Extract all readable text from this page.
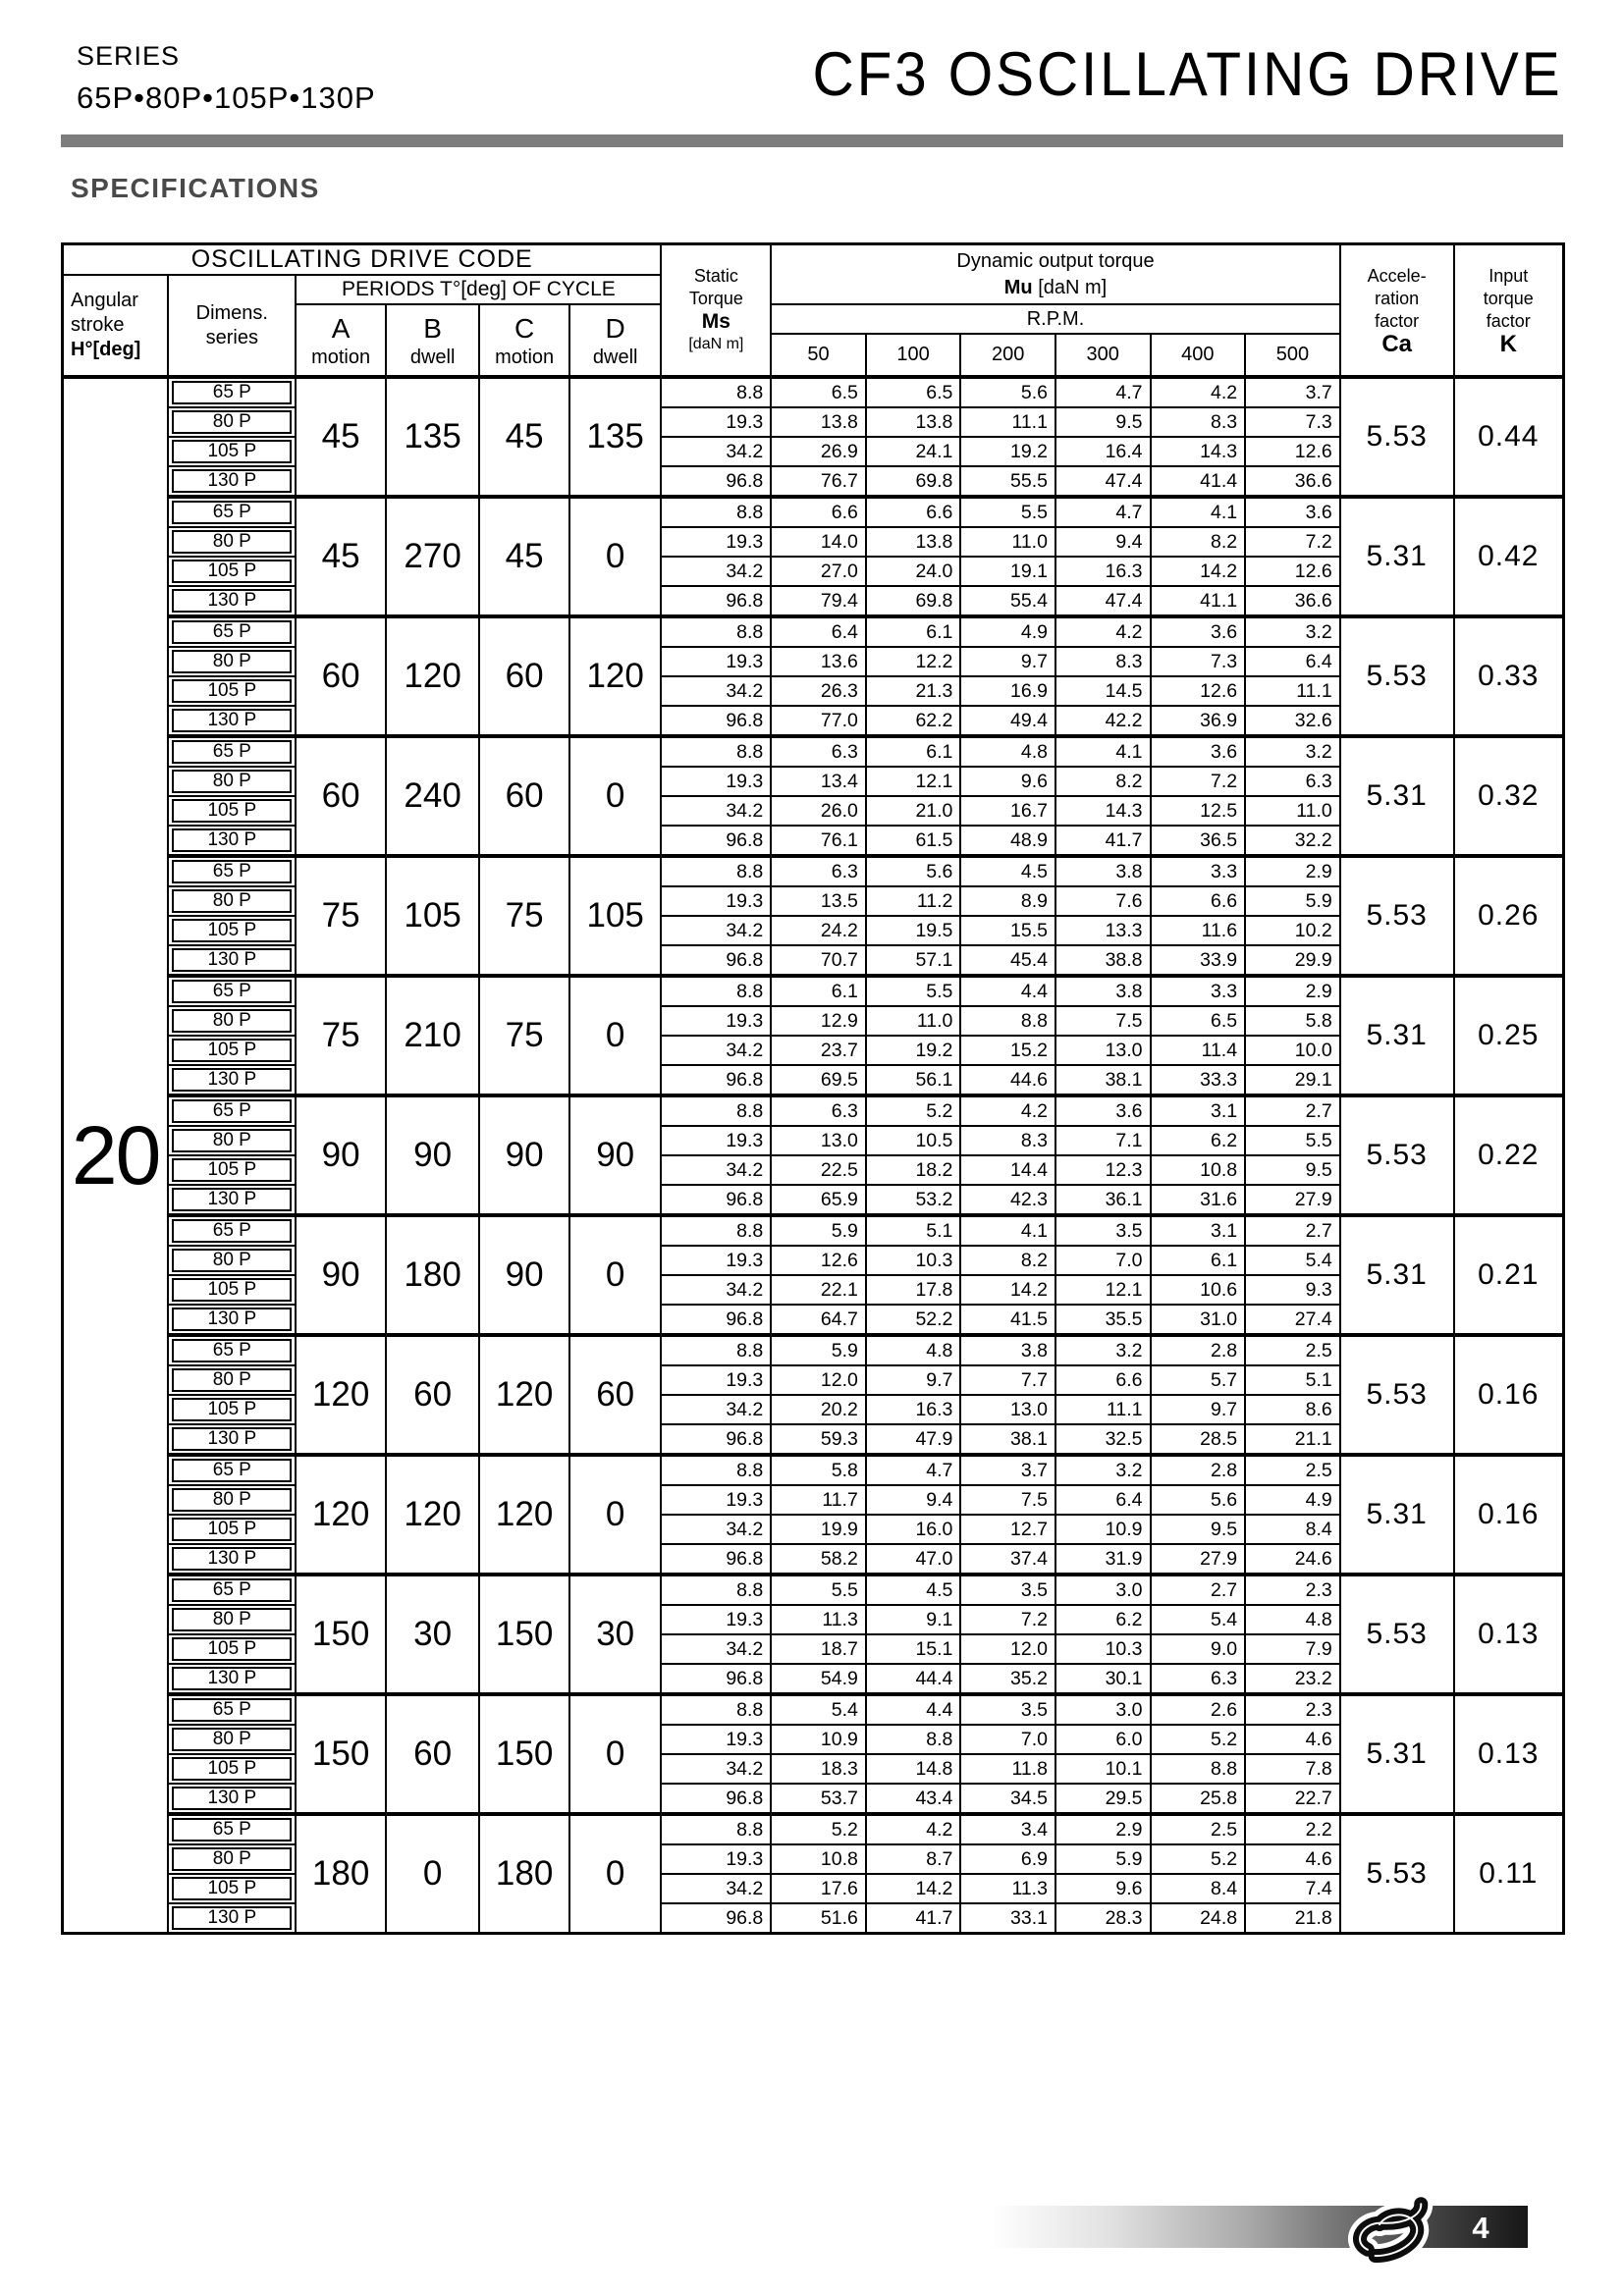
SERIES
65P•80P•105P•130P	CF3 OSCILLATING DRIVE
SPECIFICATIONS
OSCILLATING DRIVE CODE	
Static
Torque
Ms
[daN m]

Dynamic output torque
Mu [daN m]

Accele-
ration
factor
Ca

Input
torque
factor
K

Angular
stroke
H°[deg]

Dimens.
series
	PERIODS T°[deg] OF CYCLE

A
motion

B
dwell

C
motion

D
dwell
	R.P.M.
							50	100	200	300	400	500		
20	65 P	45	135	45	135	8.8	6.5	6.5	5.6	4.7	4.2	3.7	5.53	0.44

80 P					19.3	13.8	13.8	11.1	9.5	8.3	7.3		

105 P					34.2	26.9	24.1	19.2	16.4	14.3	12.6		

130 P					96.8	76.7	69.8	55.5	47.4	41.4	36.6		

65 P	45	270	45	0	8.8	6.6	6.6	5.5	4.7	4.1	3.6	5.31	0.42

80 P					19.3	14.0	13.8	11.0	9.4	8.2	7.2		

105 P					34.2	27.0	24.0	19.1	16.3	14.2	12.6		

130 P					96.8	79.4	69.8	55.4	47.4	41.1	36.6		

65 P	60	120	60	120	8.8	6.4	6.1	4.9	4.2	3.6	3.2	5.53	0.33

80 P					19.3	13.6	12.2	9.7	8.3	7.3	6.4		

105 P					34.2	26.3	21.3	16.9	14.5	12.6	11.1		

130 P					96.8	77.0	62.2	49.4	42.2	36.9	32.6		

65 P	60	240	60	0	8.8	6.3	6.1	4.8	4.1	3.6	3.2	5.31	0.32

80 P					19.3	13.4	12.1	9.6	8.2	7.2	6.3		

105 P					34.2	26.0	21.0	16.7	14.3	12.5	11.0		

130 P					96.8	76.1	61.5	48.9	41.7	36.5	32.2		

65 P	75	105	75	105	8.8	6.3	5.6	4.5	3.8	3.3	2.9	5.53	0.26

80 P					19.3	13.5	11.2	8.9	7.6	6.6	5.9		

105 P					34.2	24.2	19.5	15.5	13.3	11.6	10.2		

130 P					96.8	70.7	57.1	45.4	38.8	33.9	29.9		

65 P	75	210	75	0	8.8	6.1	5.5	4.4	3.8	3.3	2.9	5.31	0.25

80 P					19.3	12.9	11.0	8.8	7.5	6.5	5.8		

105 P					34.2	23.7	19.2	15.2	13.0	11.4	10.0		

130 P					96.8	69.5	56.1	44.6	38.1	33.3	29.1		

65 P	90	90	90	90	8.8	6.3	5.2	4.2	3.6	3.1	2.7	5.53	0.22

80 P					19.3	13.0	10.5	8.3	7.1	6.2	5.5		

105 P					34.2	22.5	18.2	14.4	12.3	10.8	9.5		

130 P					96.8	65.9	53.2	42.3	36.1	31.6	27.9		

65 P	90	180	90	0	8.8	5.9	5.1	4.1	3.5	3.1	2.7	5.31	0.21

80 P					19.3	12.6	10.3	8.2	7.0	6.1	5.4		

105 P					34.2	22.1	17.8	14.2	12.1	10.6	9.3		

130 P					96.8	64.7	52.2	41.5	35.5	31.0	27.4		

65 P	120	60	120	60	8.8	5.9	4.8	3.8	3.2	2.8	2.5	5.53	0.16

80 P					19.3	12.0	9.7	7.7	6.6	5.7	5.1		

105 P					34.2	20.2	16.3	13.0	11.1	9.7	8.6		

130 P					96.8	59.3	47.9	38.1	32.5	28.5	21.1		

65 P	120	120	120	0	8.8	5.8	4.7	3.7	3.2	2.8	2.5	5.31	0.16

80 P					19.3	11.7	9.4	7.5	6.4	5.6	4.9		

105 P					34.2	19.9	16.0	12.7	10.9	9.5	8.4		

130 P					96.8	58.2	47.0	37.4	31.9	27.9	24.6		

65 P	150	30	150	30	8.8	5.5	4.5	3.5	3.0	2.7	2.3	5.53	0.13

80 P					19.3	11.3	9.1	7.2	6.2	5.4	4.8		

105 P					34.2	18.7	15.1	12.0	10.3	9.0	7.9		

130 P					96.8	54.9	44.4	35.2	30.1	6.3	23.2		

65 P	150	60	150	0	8.8	5.4	4.4	3.5	3.0	2.6	2.3	5.31	0.13

80 P					19.3	10.9	8.8	7.0	6.0	5.2	4.6		

105 P					34.2	18.3	14.8	11.8	10.1	8.8	7.8		

130 P					96.8	53.7	43.4	34.5	29.5	25.8	22.7		

65 P	180	0	180	0	8.8	5.2	4.2	3.4	2.9	2.5	2.2	5.53	0.11

80 P					19.3	10.8	8.7	6.9	5.9	5.2	4.6		

105 P					34.2	17.6	14.2	11.3	9.6	8.4	7.4		

130 P					96.8	51.6	41.7	33.1	28.3	24.8	21.8		
4
